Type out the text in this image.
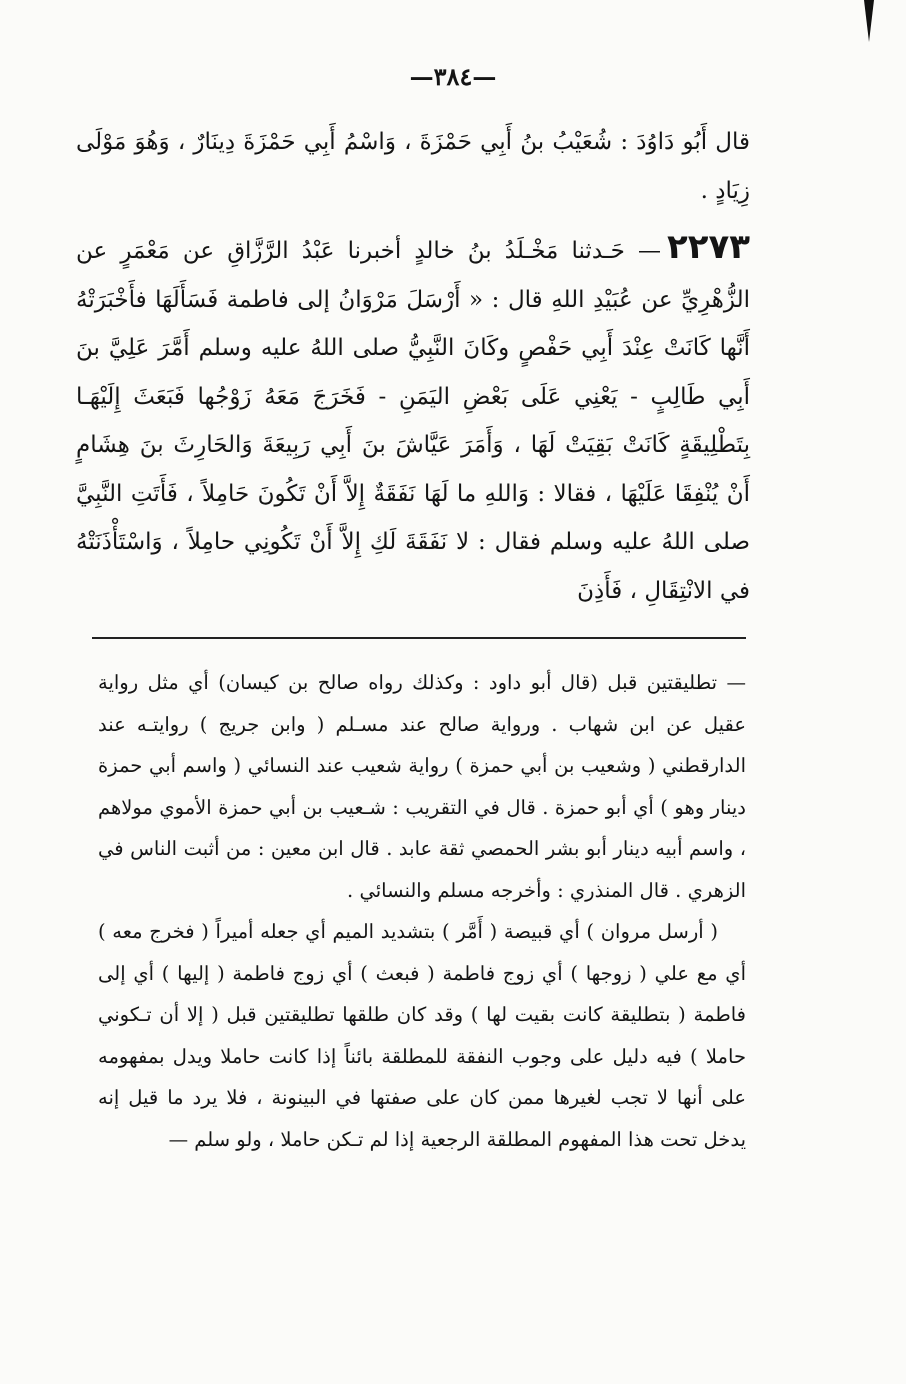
—٣٨٤—

قال أَبُو دَاوُدَ : شُعَيْبُ بنُ أَبِي حَمْزَةَ ، وَاسْمُ أَبِي حَمْزَةَ دِينَارٌ ، وَهُوَ مَوْلَى زِيَادٍ .

٢٢٧٣— حَـدثنا مَخْـلَدُ بنُ خالدٍ أخبرنا عَبْدُ الرَّزَّاقِ عن مَعْمَرٍ عن الزُّهْرِيِّ عن عُبَيْدِ اللهِ قال : « أَرْسَلَ مَرْوَانُ إلى فاطمة فَسَأَلَهَا فأَخْبَرَتْهُ أَنَّها كَانَتْ عِنْدَ أَبِي حَفْصٍ وكَانَ النَّبِيُّ صلى اللهُ عليه وسلم أَمَّرَ عَلِيَّ بنَ أَبِي طَالِبٍ - يَعْنِي عَلَى بَعْضِ اليَمَنِ - فَخَرَجَ مَعَهُ زَوْجُها فَبَعَثَ إِلَيْهَـا بِتَطْلِيقَةٍ كَانَتْ بَقِيَتْ لَهَا ، وَأَمَرَ عَيَّاشَ بنَ أَبِي رَبِيعَةَ وَالحَارِثَ بنَ هِشَامٍ أَنْ يُنْفِقَا عَلَيْهَا ، فقالا : وَاللهِ ما لَهَا نَفَقَةٌ إِلاَّ أَنْ تَكُونَ حَامِلاً ، فَأَتَتِ النَّبِيَّ صلى اللهُ عليه وسلم فقال : لا نَفَقَةَ لَكِ إِلاَّ أَنْ تَكُونِي حامِلاً ، وَاسْتَأْذَنَتْهُ في الانْتِقَالِ ، فَأَذِنَ

— تطليقتين قبل (قال أبو داود : وكذلك رواه صالح بن كيسان) أي مثل رواية عقيل عن ابن شهاب . ورواية صالح عند مسـلم ( وابن جريج ) روايتـه عند الدارقطني ( وشعيب بن أبي حمزة ) رواية شعيب عند النسائي ( واسم أبي حمزة دينار وهو ) أي أبو حمزة . قال في التقريب : شـعيب بن أبي حمزة الأموي مولاهم ، واسم أبيه دينار أبو بشر الحمصي ثقة عابد . قال ابن معين : من أثبت الناس في الزهري . قال المنذري : وأخرجه مسلم والنسائي .

( أرسل مروان ) أي قبيصة ( أَمَّر ) بتشديد الميم أي جعله أميراً ( فخرج معه ) أي مع علي ( زوجها ) أي زوج فاطمة ( فبعث ) أي زوج فاطمة ( إليها ) أي إلى فاطمة ( بتطليقة كانت بقيت لها ) وقد كان طلقها تطليقتين قبل ( إلا أن تـكوني حاملا ) فيه دليل على وجوب النفقة للمطلقة بائناً إذا كانت حاملا ويدل بمفهومه على أنها لا تجب لغيرها ممن كان على صفتها في البينونة ، فلا يرد ما قيل إنه يدخل تحت هذا المفهوم المطلقة الرجعية إذا لم تـكن حاملا ، ولو سلم —
